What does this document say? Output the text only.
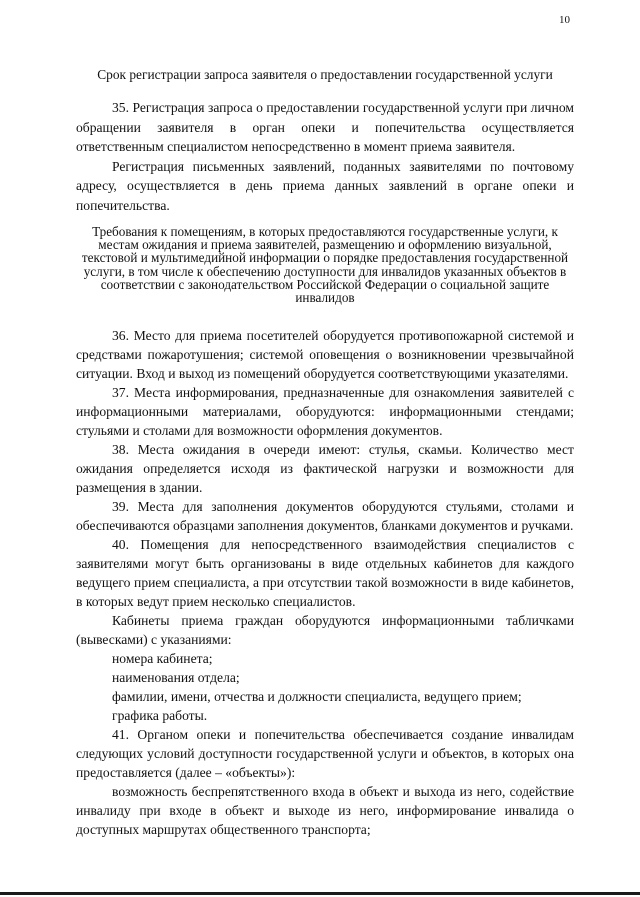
10

Срок регистрации запроса заявителя о предоставлении государственной услуги

35. Регистрация запроса о предоставлении государственной услуги при личном обращении заявителя в орган опеки и попечительства осуществляется ответственным специалистом непосредственно в момент приема заявителя.

Регистрация письменных заявлений, поданных заявителями по почтовому адресу, осуществляется в день приема данных заявлений в органе опеки и попечительства.

Требования к помещениям, в которых предоставляются государственные услуги, к местам ожидания и приема заявителей, размещению и оформлению визуальной, текстовой и мультимедийной информации о порядке предоставления государственной услуги, в том числе к обеспечению доступности для инвалидов указанных объектов в соответствии с законодательством Российской Федерации о социальной защите инвалидов

36. Место для приема посетителей оборудуется противопожарной системой и средствами пожаротушения; системой оповещения о возникновении чрезвычайной ситуации. Вход и выход из помещений оборудуется соответствующими указателями.

37. Места информирования, предназначенные для ознакомления заявителей с информационными материалами, оборудуются: информационными стендами; стульями и столами для возможности оформления документов.

38. Места ожидания в очереди имеют: стулья, скамьи. Количество мест ожидания определяется исходя из фактической нагрузки и возможности для размещения в здании.

39. Места для заполнения документов оборудуются стульями, столами и обеспечиваются образцами заполнения документов, бланками документов и ручками.

40. Помещения для непосредственного взаимодействия специалистов с заявителями могут быть организованы в виде отдельных кабинетов для каждого ведущего прием специалиста, а при отсутствии такой возможности в виде кабинетов, в которых ведут прием несколько специалистов.

Кабинеты приема граждан оборудуются информационными табличками (вывесками) с указаниями:

номера кабинета;

наименования отдела;

фамилии, имени, отчества и должности специалиста, ведущего прием;

графика работы.

41. Органом опеки и попечительства обеспечивается создание инвалидам следующих условий доступности государственной услуги и объектов, в которых она предоставляется (далее – «объекты»):

возможность беспрепятственного входа в объект и выхода из него, содействие инвалиду при входе в объект и выходе из него, информирование инвалида о доступных маршрутах общественного транспорта;
